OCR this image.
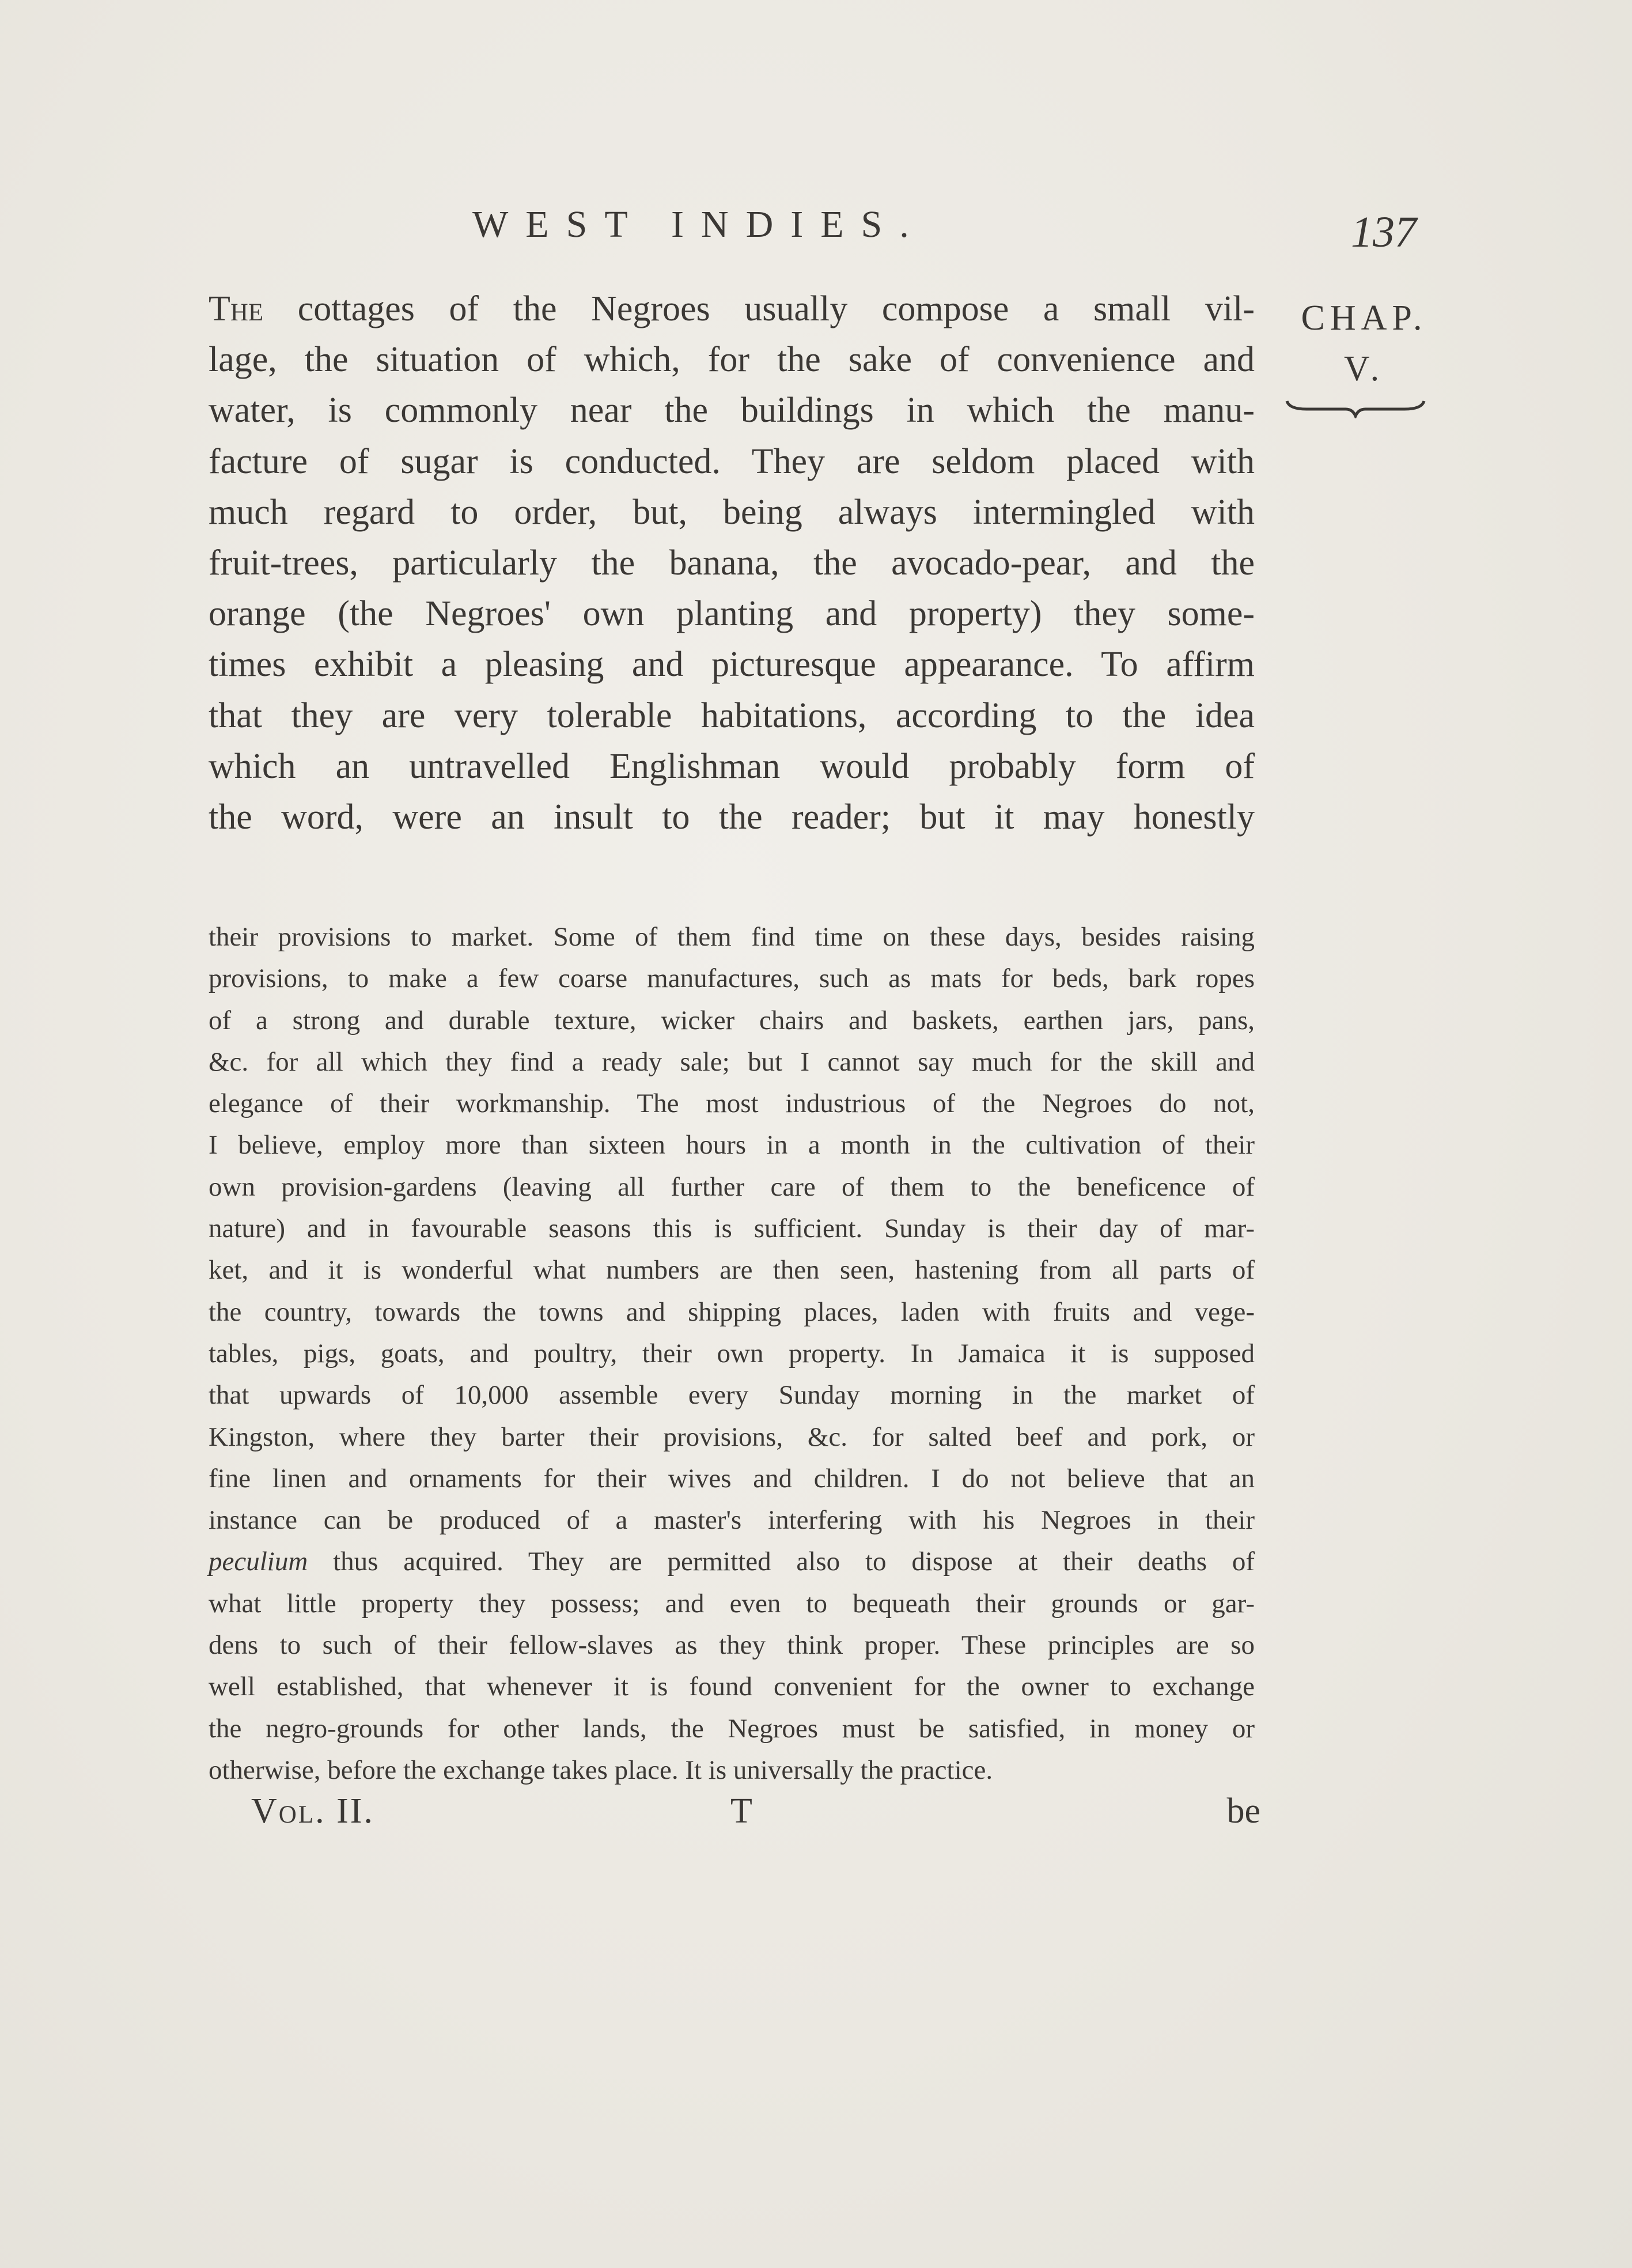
WEST INDIES.	137
CHAP.
V.
The cottages of the Negroes usually compose a small vil-
lage, the situation of which, for the sake of convenience and
water, is commonly near the buildings in which the manu-
facture of sugar is conducted. They are seldom placed with
much regard to order, but, being always intermingled with
fruit-trees, particularly the banana, the avocado-pear, and the
orange (the Negroes' own planting and property) they some-
times exhibit a pleasing and picturesque appearance. To affirm
that they are very tolerable habitations, according to the idea
which an untravelled Englishman would probably form of
the word, were an insult to the reader; but it may honestly
their provisions to market. Some of them find time on these days, besides raising
provisions, to make a few coarse manufactures, such as mats for beds, bark ropes
of a strong and durable texture, wicker chairs and baskets, earthen jars, pans,
&c. for all which they find a ready sale; but I cannot say much for the skill and
elegance of their workmanship. The most industrious of the Negroes do not,
I believe, employ more than sixteen hours in a month in the cultivation of their
own provision-gardens (leaving all further care of them to the beneficence of
nature) and in favourable seasons this is sufficient. Sunday is their day of mar-
ket, and it is wonderful what numbers are then seen, hastening from all parts of
the country, towards the towns and shipping places, laden with fruits and vege-
tables, pigs, goats, and poultry, their own property. In Jamaica it is supposed
that upwards of 10,000 assemble every Sunday morning in the market of
Kingston, where they barter their provisions, &c. for salted beef and pork, or
fine linen and ornaments for their wives and children. I do not believe that an
instance can be produced of a master's interfering with his Negroes in their
peculium thus acquired. They are permitted also to dispose at their deaths of
what little property they possess; and even to bequeath their grounds or gar-
dens to such of their fellow-slaves as they think proper. These principles are so
well established, that whenever it is found convenient for the owner to exchange
the negro-grounds for other lands, the Negroes must be satisfied, in money or
otherwise, before the exchange takes place. It is universally the practice.
Vol. II.	T	be
